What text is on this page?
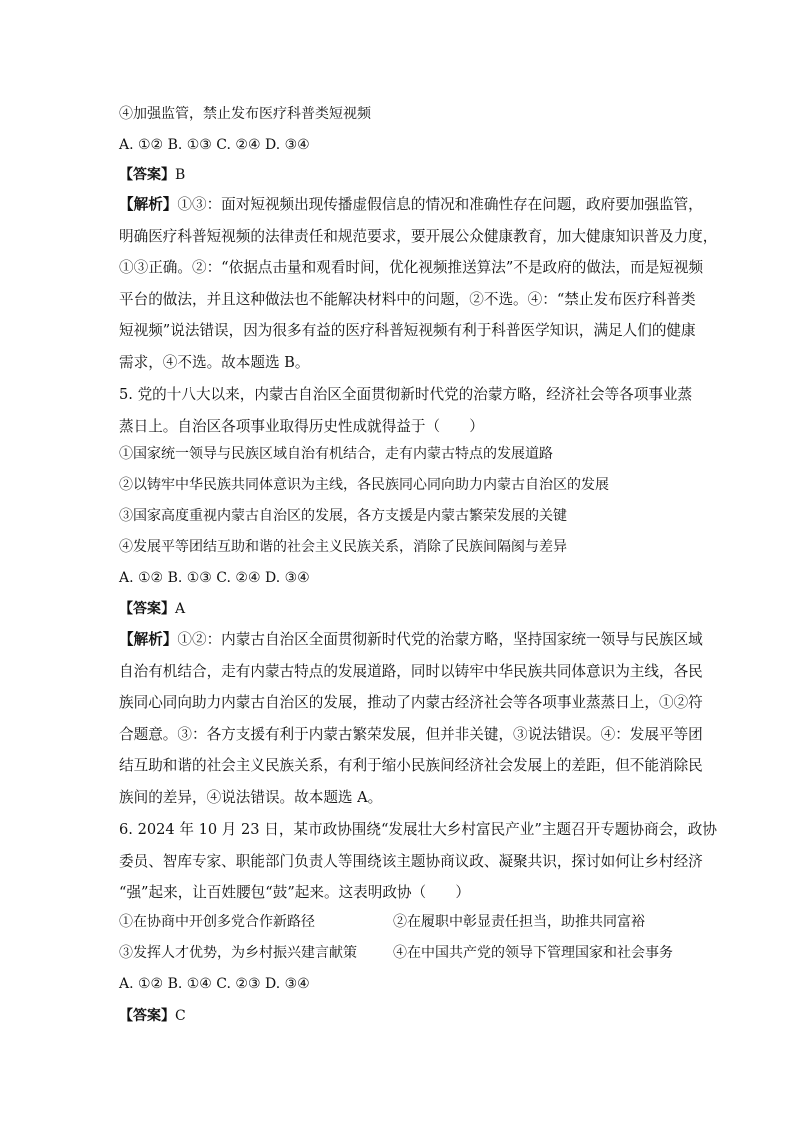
④加强监管，禁止发布医疗科普类短视频
A. ①② B. ①③ C. ②④ D. ③④
【答案】B
【解析】①③：面对短视频出现传播虚假信息的情况和准确性存在问题，政府要加强监管，
明确医疗科普短视频的法律责任和规范要求，要开展公众健康教育，加大健康知识普及力度，
①③正确。②：“依据点击量和观看时间，优化视频推送算法”不是政府的做法，而是短视频
平台的做法，并且这种做法也不能解决材料中的问题，②不选。④：“禁止发布医疗科普类
短视频”说法错误，因为很多有益的医疗科普短视频有利于科普医学知识，满足人们的健康
需求，④不选。故本题选 B。
5. 党的十八大以来，内蒙古自治区全面贯彻新时代党的治蒙方略，经济社会等各项事业蒸
蒸日上。自治区各项事业取得历史性成就得益于（　　）
①国家统一领导与民族区域自治有机结合，走有内蒙古特点的发展道路
②以铸牢中华民族共同体意识为主线，各民族同心同向助力内蒙古自治区的发展
③国家高度重视内蒙古自治区的发展，各方支援是内蒙古繁荣发展的关键
④发展平等团结互助和谐的社会主义民族关系，消除了民族间隔阂与差异
A. ①② B. ①③ C. ②④ D. ③④
【答案】A
【解析】①②：内蒙古自治区全面贯彻新时代党的治蒙方略，坚持国家统一领导与民族区域
自治有机结合，走有内蒙古特点的发展道路，同时以铸牢中华民族共同体意识为主线，各民
族同心同向助力内蒙古自治区的发展，推动了内蒙古经济社会等各项事业蒸蒸日上，①②符
合题意。③：各方支援有利于内蒙古繁荣发展，但并非关键，③说法错误。④：发展平等团
结互助和谐的社会主义民族关系，有利于缩小民族间经济社会发展上的差距，但不能消除民
族间的差异，④说法错误。故本题选 A。
6. 2024 年 10 月 23 日，某市政协围绕“发展壮大乡村富民产业”主题召开专题协商会，政协
委员、智库专家、职能部门负责人等围绕该主题协商议政、凝聚共识，探讨如何让乡村经济
“强”起来，让百姓腰包“鼓”起来。这表明政协（　　）
①在协商中开创多党合作新路径	②在履职中彰显责任担当，助推共同富裕
③发挥人才优势，为乡村振兴建言献策	④在中国共产党的领导下管理国家和社会事务
A. ①② B. ①④ C. ②③ D. ③④
【答案】C
